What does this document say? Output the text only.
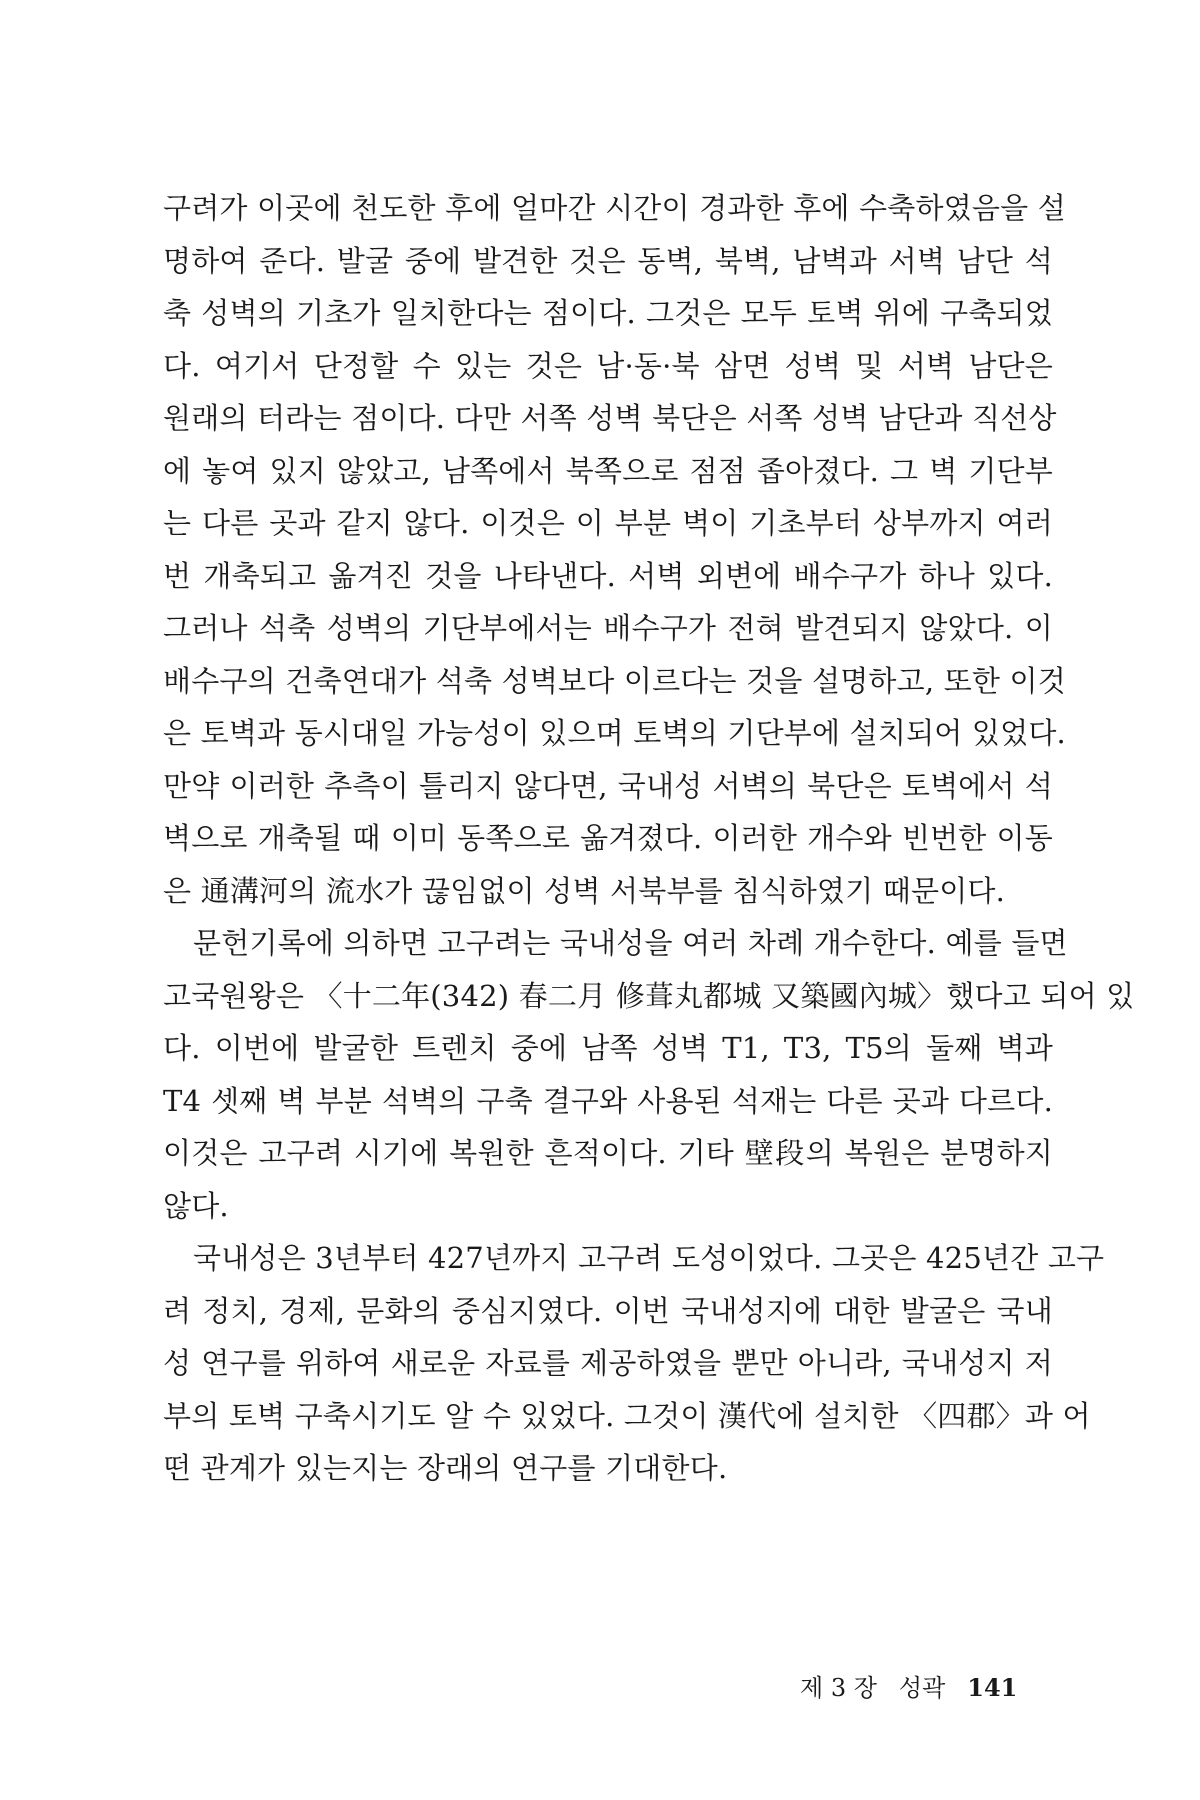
구려가 이곳에 천도한 후에 얼마간 시간이 경과한 후에 수축하였음을 설
명하여 준다. 발굴 중에 발견한 것은 동벽, 북벽, 남벽과 서벽 남단 석
축 성벽의 기초가 일치한다는 점이다. 그것은 모두 토벽 위에 구축되었
다. 여기서 단정할 수 있는 것은 남·동·북 삼면 성벽 및 서벽 남단은
원래의 터라는 점이다. 다만 서쪽 성벽 북단은 서쪽 성벽 남단과 직선상
에 놓여 있지 않았고, 남쪽에서 북쪽으로 점점 좁아졌다. 그 벽 기단부
는 다른 곳과 같지 않다. 이것은 이 부분 벽이 기초부터 상부까지 여러
번 개축되고 옮겨진 것을 나타낸다. 서벽 외변에 배수구가 하나 있다.
그러나 석축 성벽의 기단부에서는 배수구가 전혀 발견되지 않았다. 이
배수구의 건축연대가 석축 성벽보다 이르다는 것을 설명하고, 또한 이것
은 토벽과 동시대일 가능성이 있으며 토벽의 기단부에 설치되어 있었다.
만약 이러한 추측이 틀리지 않다면, 국내성 서벽의 북단은 토벽에서 석
벽으로 개축될 때 이미 동쪽으로 옮겨졌다. 이러한 개수와 빈번한 이동
은 通溝河의 流水가 끊임없이 성벽 서북부를 침식하였기 때문이다.
문헌기록에 의하면 고구려는 국내성을 여러 차례 개수한다. 예를 들면
고국원왕은 〈十二年(342) 春二月 修葺丸都城 又築國內城〉했다고 되어 있
다. 이번에 발굴한 트렌치 중에 남쪽 성벽 T1, T3, T5의 둘째 벽과
T4 셋째 벽 부분 석벽의 구축 결구와 사용된 석재는 다른 곳과 다르다.
이것은 고구려 시기에 복원한 흔적이다. 기타 壁段의 복원은 분명하지
않다.
국내성은 3년부터 427년까지 고구려 도성이었다. 그곳은 425년간 고구
려 정치, 경제, 문화의 중심지였다. 이번 국내성지에 대한 발굴은 국내
성 연구를 위하여 새로운 자료를 제공하였을 뿐만 아니라, 국내성지 저
부의 토벽 구축시기도 알 수 있었다. 그것이 漢代에 설치한 〈四郡〉과 어
떤 관계가 있는지는 장래의 연구를 기대한다.
제 3 장 성곽 141
